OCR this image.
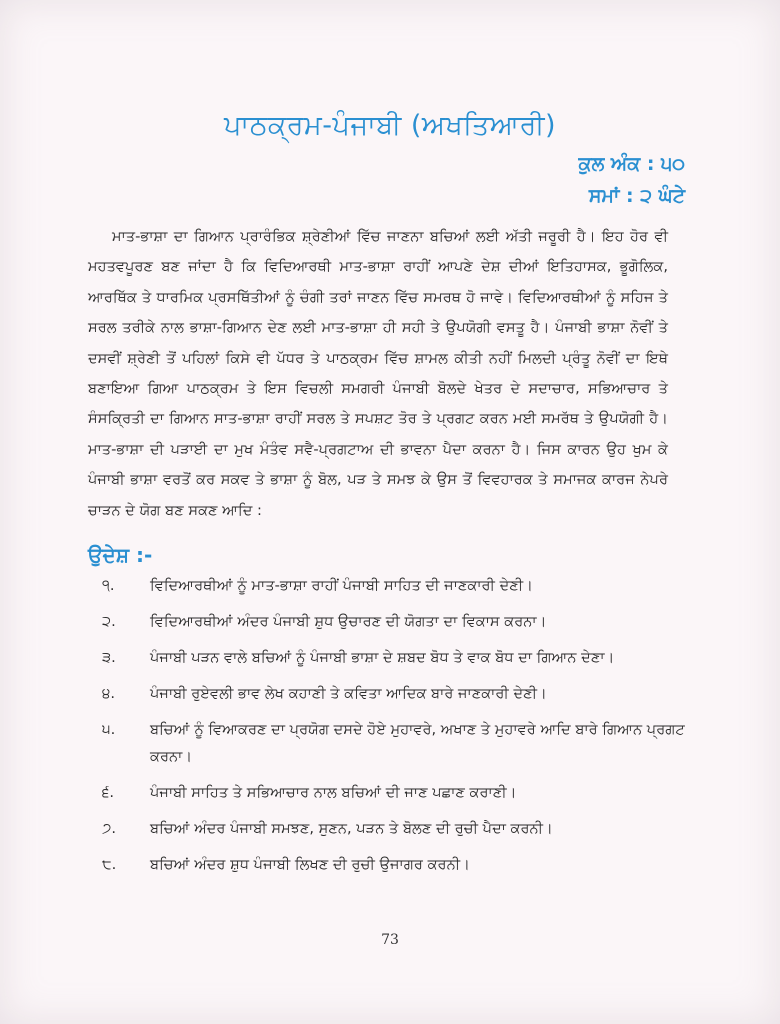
ਪਾਠਕ੍ਰਮ-ਪੰਜਾਬੀ (ਅਖਤਿਆਰੀ)
ਕੁਲ ਅੰਕ : ੫੦
ਸਮਾਂ : ੨ ਘੰਟੇ

ਮਾਤ-ਭਾਸ਼ਾ ਦਾ ਗਿਆਨ ਪ੍ਰਾਰੰਭਿਕ ਸ਼੍ਰੇਣੀਆਂ ਵਿੱਚ ਜਾਣਨਾ ਬਚਿਆਂ ਲਈ ਅੱਤੀ ਜਰੂਰੀ ਹੈ। ਇਹ ਹੋਰ ਵੀ ਮਹਤਵਪੂਰਣ ਬਣ ਜਾਂਦਾ ਹੈ ਕਿ ਵਿਦਿਆਰਥੀ ਮਾਤ-ਭਾਸ਼ਾ ਰਾਹੀਂ ਆਪਣੇ ਦੇਸ਼ ਦੀਆਂ ਇਤਿਹਾਸਕ, ਭੂਗੋਲਿਕ, ਆਰਥਿੱਕ ਤੇ ਧਾਰਮਿਕ ਪ੍ਰਸਥਿੱਤੀਆਂ ਨੂੰ ਚੰਗੀ ਤਰਾਂ ਜਾਣਨ ਵਿੱਚ ਸਮਰਥ ਹੋ ਜਾਵੇ। ਵਿਦਿਆਰਥੀਆਂ ਨੂੰ ਸਹਿਜ ਤੇ ਸਰਲ ਤਰੀਕੇ ਨਾਲ ਭਾਸ਼ਾ-ਗਿਆਨ ਦੇਣ ਲਈ ਮਾਤ-ਭਾਸ਼ਾ ਹੀ ਸਹੀ ਤੇ ਉਪਯੋਗੀ ਵਸਤੂ ਹੈ। ਪੰਜਾਬੀ ਭਾਸ਼ਾ ਨੋਵੀਂ ਤੇ ਦਸਵੀਂ ਸ਼੍ਰੇਣੀ ਤੋਂ ਪਹਿਲਾਂ ਕਿਸੇ ਵੀ ਪੱਧਰ ਤੇ ਪਾਠਕ੍ਰਮ ਵਿੱਚ ਸ਼ਾਮਲ ਕੀਤੀ ਨਹੀਂ ਮਿਲਦੀ ਪ੍ਰੰਤੂ ਨੋਵੀਂ ਦਾ ਇਥੇ ਬਣਾਇਆ ਗਿਆ ਪਾਠਕ੍ਰਮ ਤੇ ਇਸ ਵਿਚਲੀ ਸਮਗਰੀ ਪੰਜਾਬੀ ਬੋਲਦੇ ਖੇਤਰ ਦੇ ਸਦਾਚਾਰ, ਸਭਿਆਚਾਰ ਤੇ ਸੰਸਕ੍ਰਿਤੀ ਦਾ ਗਿਆਨ ਸਾਤ-ਭਾਸ਼ਾ ਰਾਹੀਂ ਸਰਲ ਤੇ ਸਪਸ਼ਟ ਤੋਰ ਤੇ ਪ੍ਰਗਟ ਕਰਨ ਮਈ ਸਮਰੱਥ ਤੇ ਉਪਯੋਗੀ ਹੈ। ਮਾਤ-ਭਾਸ਼ਾ ਦੀ ਪੜਾਈ ਦਾ ਮੁਖ ਮੰਤੰਵ ਸਵੈ-ਪ੍ਰਗਟਾਅ ਦੀ ਭਾਵਨਾ ਪੈਦਾ ਕਰਨਾ ਹੈ। ਜਿਸ ਕਾਰਨ ਉਹ ਖੁਮ ਕੇ ਪੰਜਾਬੀ ਭਾਸ਼ਾ ਵਰਤੋਂ ਕਰ ਸਕਵ ਤੇ ਭਾਸ਼ਾ ਨੂੰ ਬੋਲ, ਪੜ ਤੇ ਸਮਝ ਕੇ ਉਸ ਤੋਂ ਵਿਵਹਾਰਕ ਤੇ ਸਮਾਜਕ ਕਾਰਜ ਨੇਪਰੇ ਚਾੜਨ ਦੇ ਯੋਗ ਬਣ ਸਕਣ ਆਦਿ :

ਉਦੇਸ਼ :-
੧.	ਵਿਦਿਆਰਥੀਆਂ ਨੂੰ ਮਾਤ-ਭਾਸ਼ਾ ਰਾਹੀਂ ਪੰਜਾਬੀ ਸਾਹਿਤ ਦੀ ਜਾਣਕਾਰੀ ਦੇਣੀ।
੨.	ਵਿਦਿਆਰਥੀਆਂ ਅੰਦਰ ਪੰਜਾਬੀ ਸ਼ੁਧ ਉਚਾਰਣ ਦੀ ਯੋਗਤਾ ਦਾ ਵਿਕਾਸ ਕਰਨਾ।
੩.	ਪੰਜਾਬੀ ਪੜਨ ਵਾਲੇ ਬਚਿਆਂ ਨੂੰ ਪੰਜਾਬੀ ਭਾਸ਼ਾ ਦੇ ਸ਼ਬਦ ਬੋਧ ਤੇ ਵਾਕ ਬੋਧ ਦਾ ਗਿਆਨ ਦੇਣਾ।
੪.	ਪੰਜਾਬੀ ਰੁਏਵਲੀ ਭਾਵ ਲੇਖ ਕਹਾਣੀ ਤੇ ਕਵਿਤਾ ਆਦਿਕ ਬਾਰੇ ਜਾਣਕਾਰੀ ਦੇਣੀ।
੫.	ਬਚਿਆਂ ਨੂੰ ਵਿਆਕਰਣ ਦਾ ਪ੍ਰਯੋਗ ਦਸਦੇ ਹੋਏ ਮੁਹਾਵਰੇ, ਅਖਾਣ ਤੇ ਮੁਹਾਵਰੇ ਆਦਿ ਬਾਰੇ ਗਿਆਨ ਪ੍ਰਗਟ ਕਰਨਾ।
੬.	ਪੰਜਾਬੀ ਸਾਹਿਤ ਤੇ ਸਭਿਆਚਾਰ ਨਾਲ ਬਚਿਆਂ ਦੀ ਜਾਣ ਪਛਾਣ ਕਰਾਣੀ।
੭.	ਬਚਿਆਂ ਅੰਦਰ ਪੰਜਾਬੀ ਸਮਝਣ, ਸੁਣਨ, ਪੜਨ ਤੇ ਬੋਲਣ ਦੀ ਰੁਚੀ ਪੈਦਾ ਕਰਨੀ।
੮.	ਬਚਿਆਂ ਅੰਦਰ ਸ਼ੁਧ ਪੰਜਾਬੀ ਲਿਖਣ ਦੀ ਰੁਚੀ ਉਜਾਗਰ ਕਰਨੀ।
73
